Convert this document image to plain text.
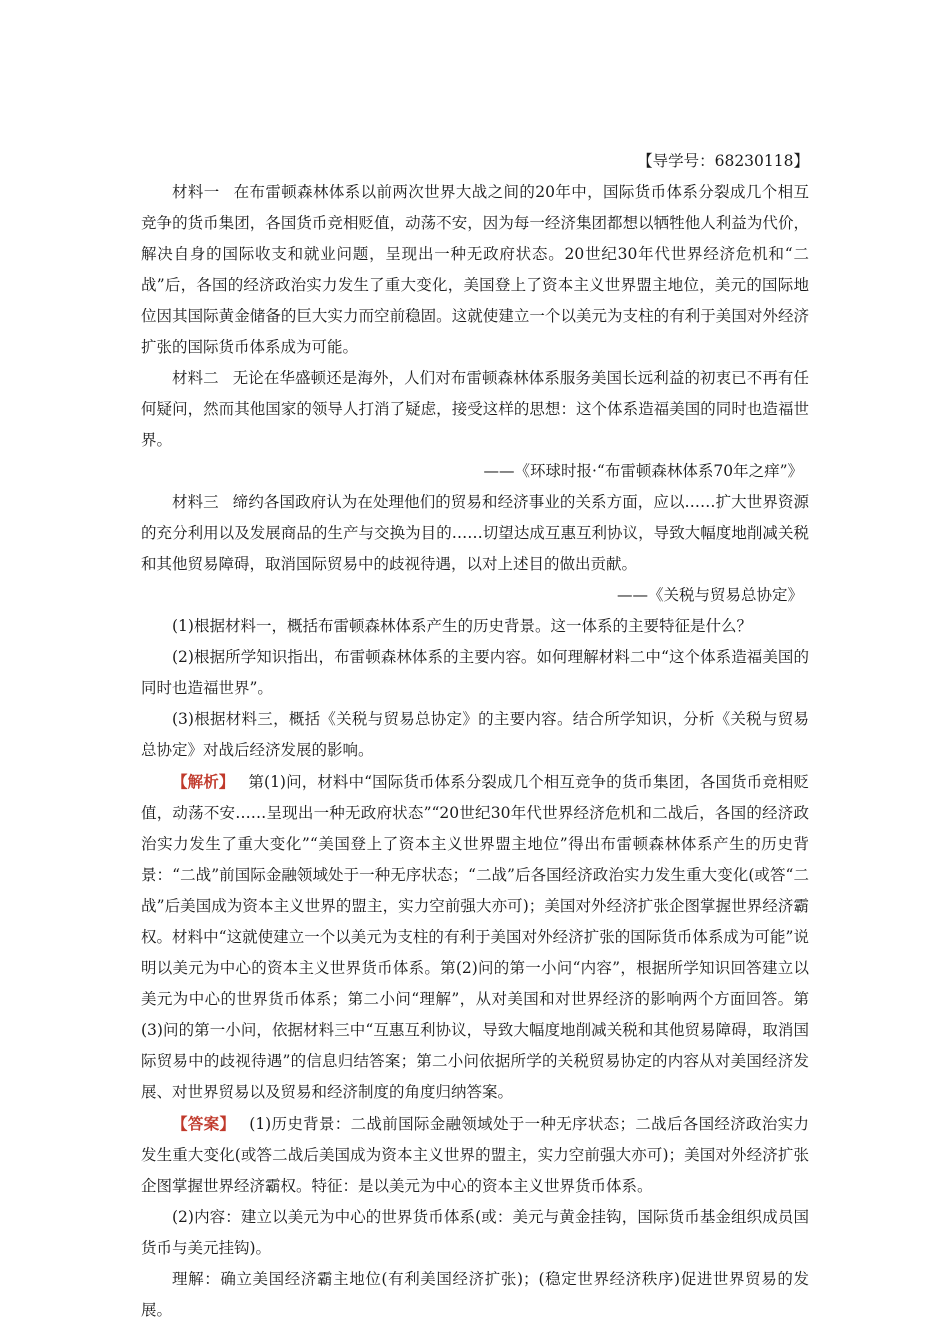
【导学号：68230118】

材料一 在布雷顿森林体系以前两次世界大战之间的20年中，国际货币体系分裂成几个相互竞争的货币集团，各国货币竞相贬值，动荡不安，因为每一经济集团都想以牺牲他人利益为代价，解决自身的国际收支和就业问题，呈现出一种无政府状态。20世纪30年代世界经济危机和“二战”后，各国的经济政治实力发生了重大变化，美国登上了资本主义世界盟主地位，美元的国际地位因其国际黄金储备的巨大实力而空前稳固。这就使建立一个以美元为支柱的有利于美国对外经济扩张的国际货币体系成为可能。

材料二 无论在华盛顿还是海外，人们对布雷顿森林体系服务美国长远利益的初衷已不再有任何疑问，然而其他国家的领导人打消了疑虑，接受这样的思想：这个体系造福美国的同时也造福世界。

——《环球时报·“布雷顿森林体系70年之痒”》

材料三 缔约各国政府认为在处理他们的贸易和经济事业的关系方面，应以……扩大世界资源的充分利用以及发展商品的生产与交换为目的……切望达成互惠互利协议，导致大幅度地削减关税和其他贸易障碍，取消国际贸易中的歧视待遇，以对上述目的做出贡献。

——《关税与贸易总协定》

(1)根据材料一，概括布雷顿森林体系产生的历史背景。这一体系的主要特征是什么？

(2)根据所学知识指出，布雷顿森林体系的主要内容。如何理解材料二中“这个体系造福美国的同时也造福世界”。

(3)根据材料三，概括《关税与贸易总协定》的主要内容。结合所学知识，分析《关税与贸易总协定》对战后经济发展的影响。

【解析】 第(1)问，材料中“国际货币体系分裂成几个相互竞争的货币集团，各国货币竞相贬值，动荡不安……呈现出一种无政府状态”“20世纪30年代世界经济危机和二战后，各国的经济政治实力发生了重大变化”“美国登上了资本主义世界盟主地位”得出布雷顿森林体系产生的历史背景：“二战”前国际金融领域处于一种无序状态；“二战”后各国经济政治实力发生重大变化(或答“二战”后美国成为资本主义世界的盟主，实力空前强大亦可)；美国对外经济扩张企图掌握世界经济霸权。材料中“这就使建立一个以美元为支柱的有利于美国对外经济扩张的国际货币体系成为可能”说明以美元为中心的资本主义世界货币体系。第(2)问的第一小问“内容”，根据所学知识回答建立以美元为中心的世界货币体系；第二小问“理解”，从对美国和对世界经济的影响两个方面回答。第(3)问的第一小问，依据材料三中“互惠互利协议，导致大幅度地削减关税和其他贸易障碍，取消国际贸易中的歧视待遇”的信息归结答案；第二小问依据所学的关税贸易协定的内容从对美国经济发展、对世界贸易以及贸易和经济制度的角度归纳答案。

【答案】 (1)历史背景：二战前国际金融领域处于一种无序状态；二战后各国经济政治实力发生重大变化(或答二战后美国成为资本主义世界的盟主，实力空前强大亦可)；美国对外经济扩张企图掌握世界经济霸权。特征：是以美元为中心的资本主义世界货币体系。

(2)内容：建立以美元为中心的世界货币体系(或：美元与黄金挂钩，国际货币基金组织成员国货币与美元挂钩)。

理解：确立美国经济霸主地位(有利美国经济扩张)；(稳定世界经济秩序)促进世界贸易的发展。
